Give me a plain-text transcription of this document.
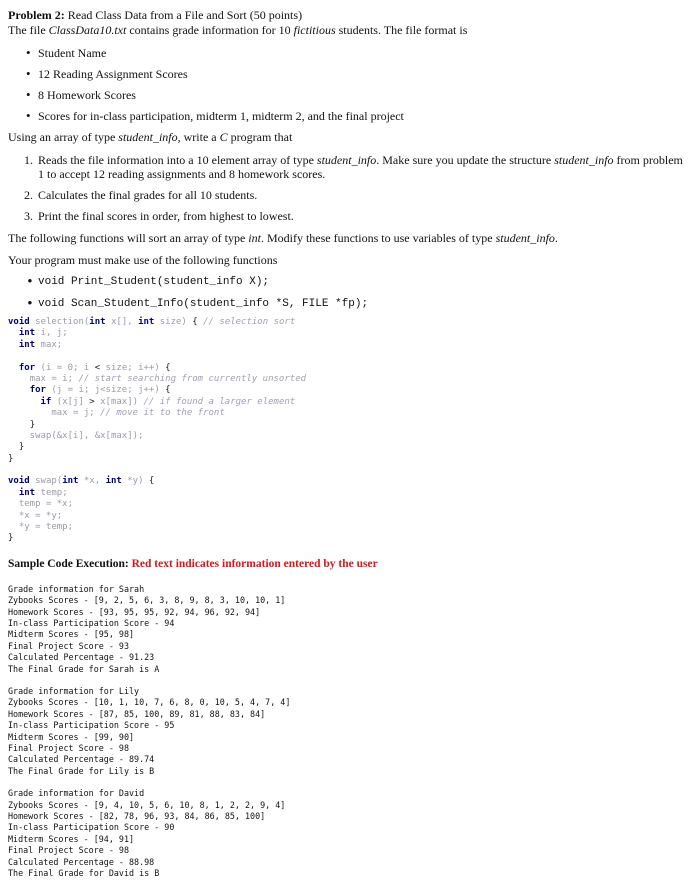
Problem 2: Read Class Data from a File and Sort (50 points)
The file ClassData10.txt contains grade information for 10 fictitious students. The file format is
• Student Name
• 12 Reading Assignment Scores
• 8 Homework Scores
• Scores for in-class participation, midterm 1, midterm 2, and the final project
Using an array of type student_info, write a C program that
1. Reads the file information into a 10 element array of type student_info. Make sure you update the structure student_info from problem 1 to accept 12 reading assignments and 8 homework scores.
2. Calculates the final grades for all 10 students.
3. Print the final scores in order, from highest to lowest.
The following functions will sort an array of type int. Modify these functions to use variables of type student_info.
Your program must make use of the following functions
• void Print_Student(student_info X);
• void Scan_Student_Info(student_info *S, FILE *fp);
void selection(int x[], int size) { // selection sort
int i, j;
int max;

for (i = 0; i < size; i++) {
max = i; // start searching from currently unsorted
for (j = i; j<size; j++) {
if (x[j] > x[max]) // if found a larger element
max = j; // move it to the front
}
swap(&x[i], &x[max]);
}
}

void swap(int *x, int *y) {
int temp;
temp = *x;
*x = *y;
*y = temp;
}

Sample Code Execution: Red text indicates information entered by the user
Grade information for Sarah
Zybooks Scores - [9, 2, 5, 6, 3, 8, 9, 8, 3, 10, 10, 1]
Homework Scores - [93, 95, 95, 92, 94, 96, 92, 94]
In-class Participation Score - 94
Midterm Scores - [95, 98]
Final Project Score - 93
Calculated Percentage - 91.23
The Final Grade for Sarah is A
Grade information for Lily
Zybooks Scores - [10, 1, 10, 7, 6, 8, 0, 10, 5, 4, 7, 4]
Homework Scores - [87, 85, 100, 89, 81, 88, 83, 84]
In-class Participation Score - 95
Midterm Scores - [99, 90]
Final Project Score - 98
Calculated Percentage - 89.74
The Final Grade for Lily is B
Grade information for David
Zybooks Scores - [9, 4, 10, 5, 6, 10, 8, 1, 2, 2, 9, 4]
Homework Scores - [82, 78, 96, 93, 84, 86, 85, 100]
In-class Participation Score - 90
Midterm Scores - [94, 91]
Final Project Score - 98
Calculated Percentage - 88.98
The Final Grade for David is B
